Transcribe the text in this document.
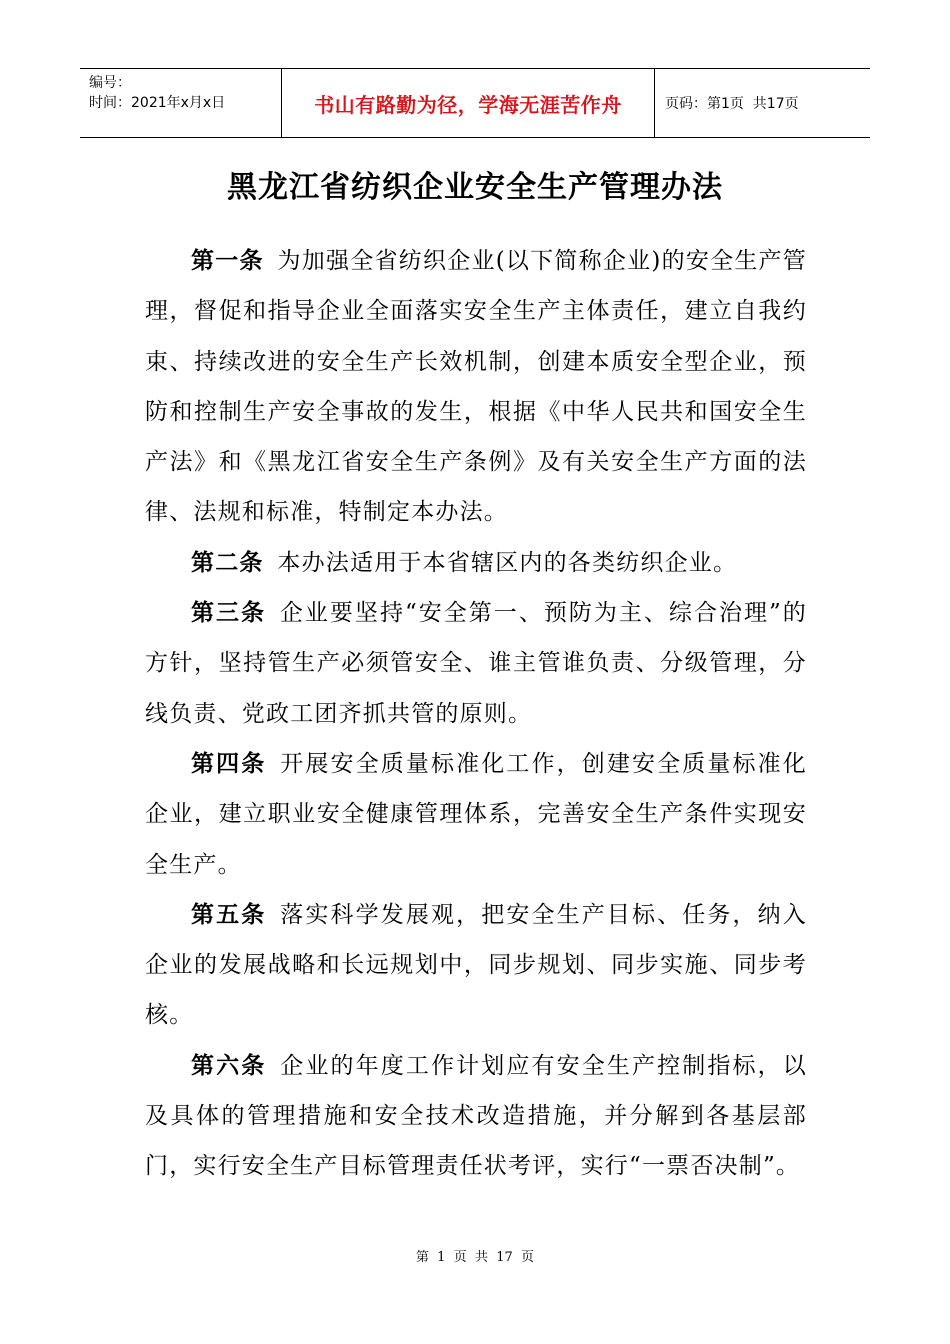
编号：
时间：2021年x月x日	书山有路勤为径，学海无涯苦作舟	页码：第1页  共17页
黑龙江省纺织企业安全生产管理办法

第一条 为加强全省纺织企业(以下简称企业)的安全生产管理，督促和指导企业全面落实安全生产主体责任，建立自我约束、持续改进的安全生产长效机制，创建本质安全型企业，预防和控制生产安全事故的发生，根据《中华人民共和国安全生产法》和《黑龙江省安全生产条例》及有关安全生产方面的法律、法规和标准，特制定本办法。

第二条 本办法适用于本省辖区内的各类纺织企业。

第三条 企业要坚持“安全第一、预防为主、综合治理”的方针，坚持管生产必须管安全、谁主管谁负责、分级管理，分线负责、党政工团齐抓共管的原则。

第四条 开展安全质量标准化工作，创建安全质量标准化企业，建立职业安全健康管理体系，完善安全生产条件实现安全生产。

第五条 落实科学发展观，把安全生产目标、任务，纳入企业的发展战略和长远规划中，同步规划、同步实施、同步考核。

第六条 企业的年度工作计划应有安全生产控制指标，以及具体的管理措施和安全技术改造措施，并分解到各基层部门，实行安全生产目标管理责任状考评，实行“一票否决制”。

第  1  页  共  17  页
